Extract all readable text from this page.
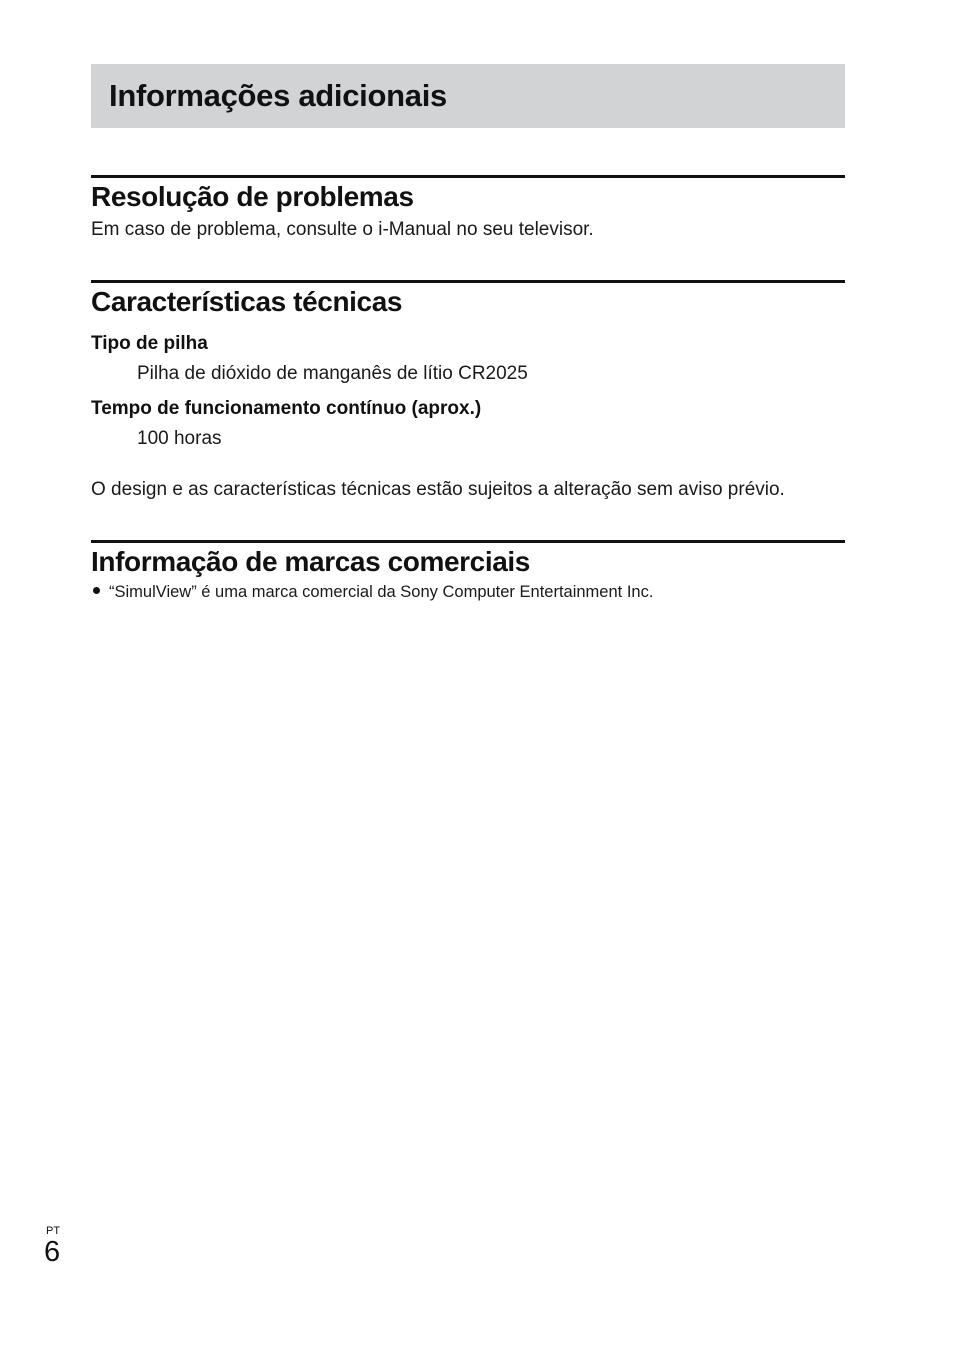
Informações adicionais
Resolução de problemas

Em caso de problema, consulte o i-Manual no seu televisor.

Características técnicas

Tipo de pilha

Pilha de dióxido de manganês de lítio CR2025

Tempo de funcionamento contínuo (aprox.)

100 horas

O design e as características técnicas estão sujeitos a alteração sem aviso prévio.

Informação de marcas comerciais

“SimulView” é uma marca comercial da Sony Computer Entertainment Inc.

PT
6
